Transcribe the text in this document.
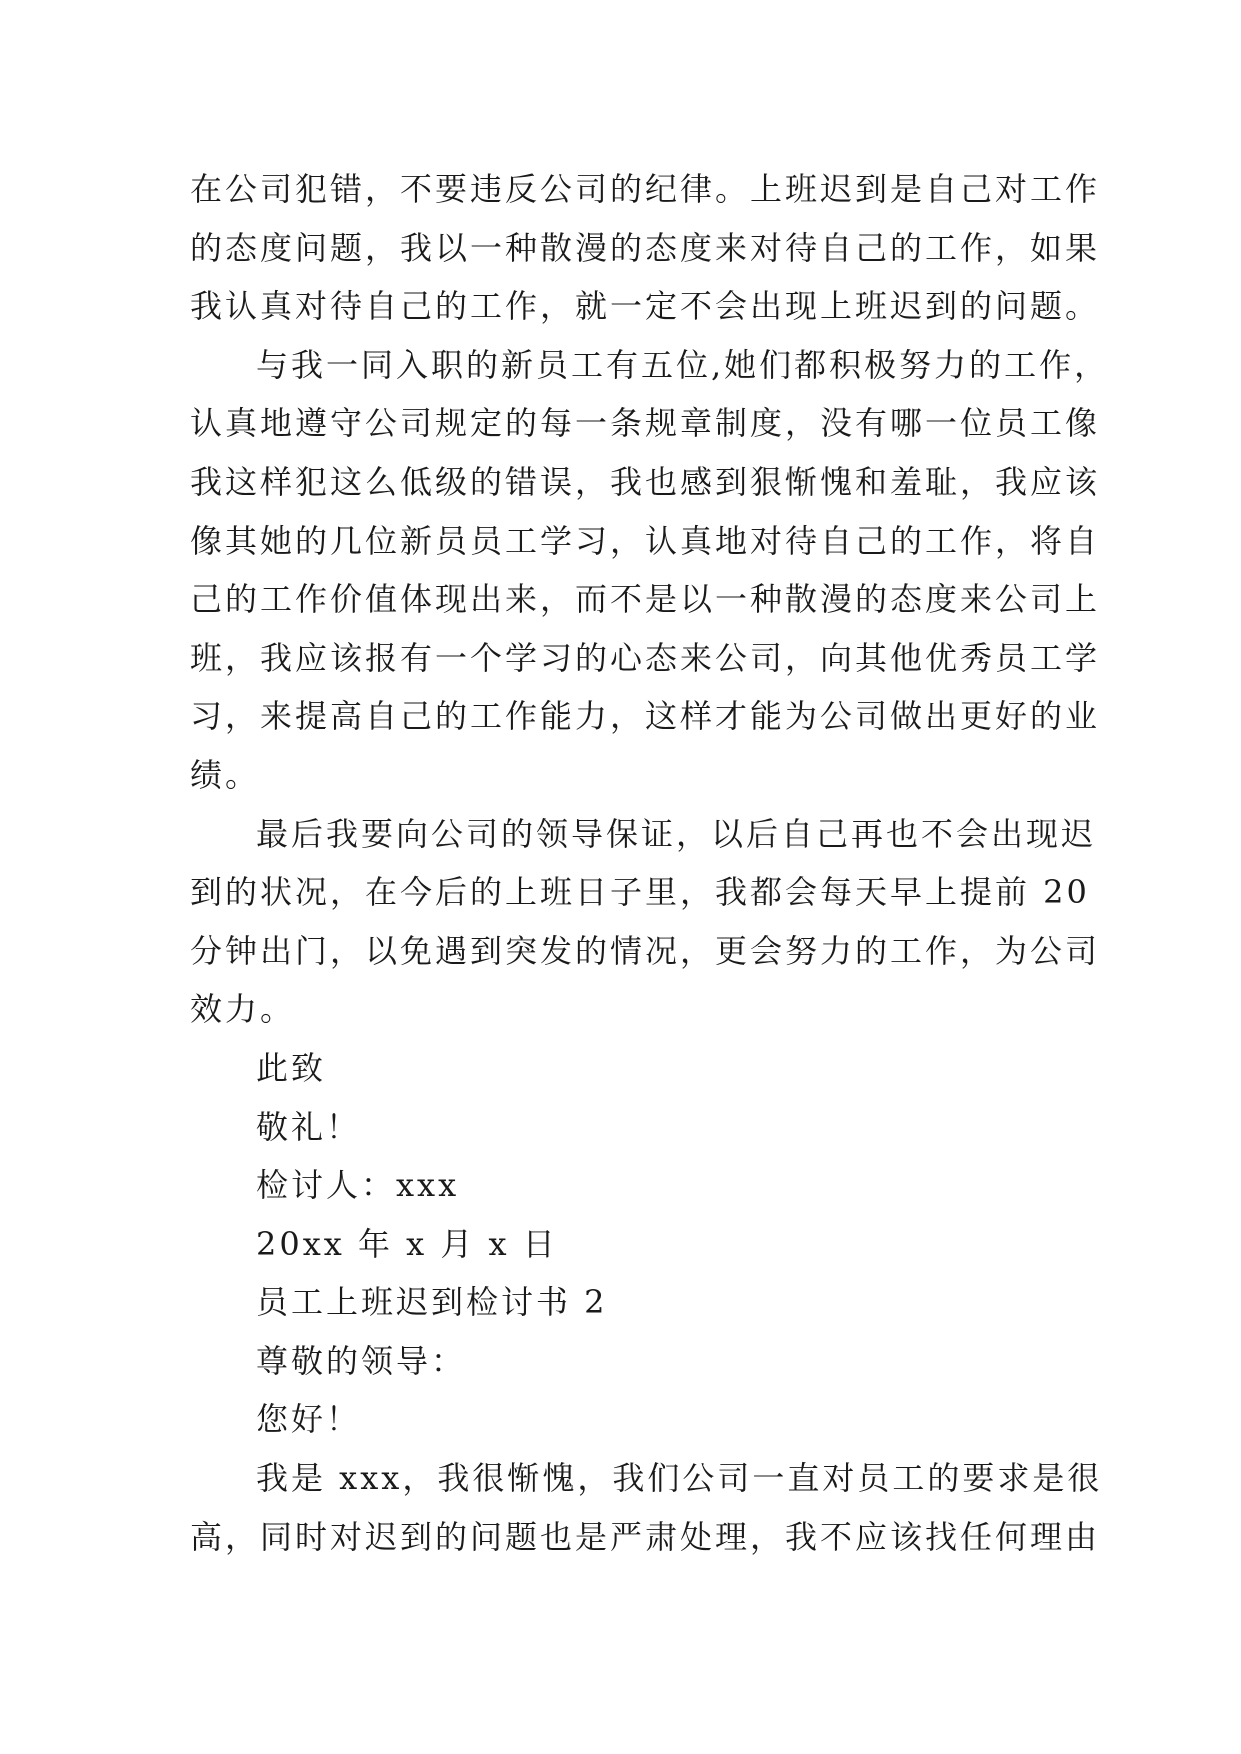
在公司犯错，不要违反公司的纪律。上班迟到是自己对工作
的态度问题，我以一种散漫的态度来对待自己的工作，如果
我认真对待自己的工作，就一定不会出现上班迟到的问题。
与我一同入职的新员工有五位,她们都积极努力的工作，
认真地遵守公司规定的每一条规章制度，没有哪一位员工像
我这样犯这么低级的错误，我也感到狠惭愧和羞耻，我应该
像其她的几位新员员工学习，认真地对待自己的工作，将自
己的工作价值体现出来，而不是以一种散漫的态度来公司上
班，我应该报有一个学习的心态来公司，向其他优秀员工学
习，来提高自己的工作能力，这样才能为公司做出更好的业
绩。
最后我要向公司的领导保证，以后自己再也不会出现迟
到的状况，在今后的上班日子里，我都会每天早上提前 20
分钟出门，以免遇到突发的情况，更会努力的工作，为公司
效力。
此致
敬礼！
检讨人：xxx
20xx 年 x 月 x 日
员工上班迟到检讨书 2
尊敬的领导：
您好！
我是 xxx，我很惭愧，我们公司一直对员工的要求是很
高，同时对迟到的问题也是严肃处理，我不应该找任何理由
